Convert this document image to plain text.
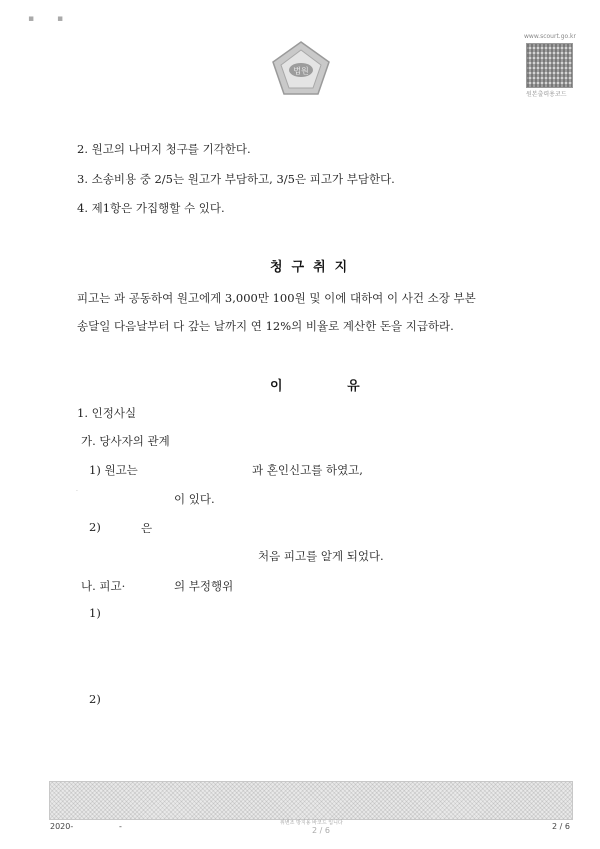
▪	▪
법원
www.scourt.go.kr
원본출력용코드
2. 원고의 나머지 청구를 기각한다.
3. 소송비용 중 2/5는 원고가 부담하고, 3/5은 피고가 부담한다.
4. 제1항은 가집행할 수 있다.
청구취지
피고는 과 공동하여 원고에게 3,000만 100원 및 이에 대하여 이 사건 소장 부본
송달일 다음날부터 다 갚는 날까지 연 12%의 비율로 계산한 돈을 지급하라.
이 유
1. 인정사실
가. 당사자의 관계
1) 원고는	과 혼인신고를 하였고,
·
이 있다.
2)	은
처음 피고를 알게 되었다.
나. 피고·	의 부정행위
1)
2)
2020-	-	위변조 방지용 바코드 입니다
2 / 6	2 / 6
